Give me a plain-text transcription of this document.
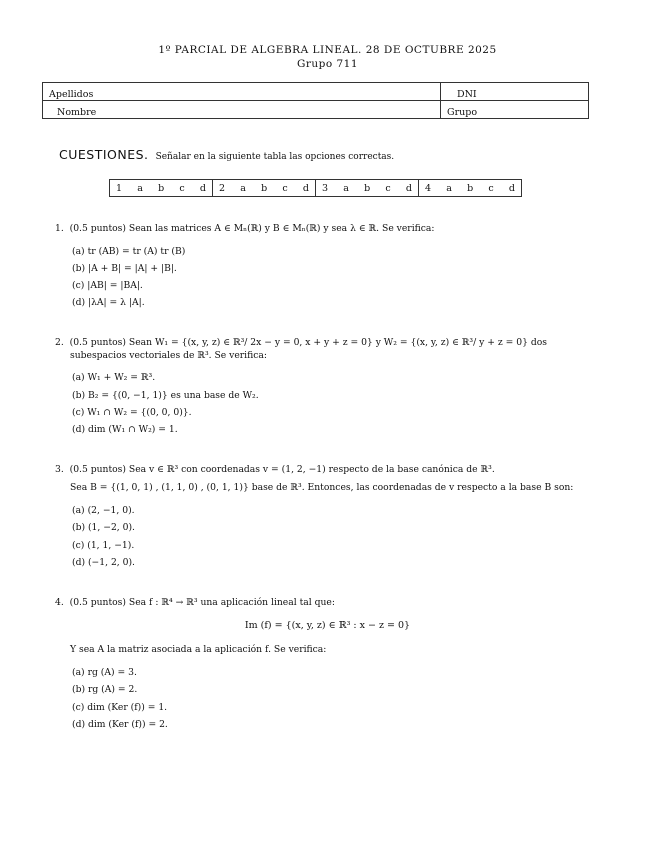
1º PARCIAL DE ALGEBRA LINEAL. 28 DE OCTUBRE 2025
Grupo 711
Apellidos	DNI
Nombre	Grupo
CUESTIONES. Señalar en la siguiente tabla las opciones correctas.
1 a b c d	2 a b c d	3 a b c d	4 a b c d
1. (0.5 puntos) Sean las matrices A ∈ Mₙ(ℝ) y B ∈ Mₙ(ℝ) y sea λ ∈ ℝ. Se verifica:
(a) tr (AB) = tr (A) tr (B)
(b) |A + B| = |A| + |B|.
(c) |AB| = |BA|.
(d) |λA| = λ |A|.
2. (0.5 puntos) Sean W₁ = {(x, y, z) ∈ ℝ³/ 2x − y = 0, x + y + z = 0} y W₂ = {(x, y, z) ∈ ℝ³/ y + z = 0} dos
subespacios vectoriales de ℝ³. Se verifica:
(a) W₁ + W₂ = ℝ³.
(b) B₂ = {(0, −1, 1)} es una base de W₂.
(c) W₁ ∩ W₂ = {(0, 0, 0)}.
(d) dim (W₁ ∩ W₂) = 1.
3. (0.5 puntos) Sea v ∈ ℝ³ con coordenadas v = (1, 2, −1) respecto de la base canónica de ℝ³.
Sea B = {(1, 0, 1) , (1, 1, 0) , (0, 1, 1)} base de ℝ³. Entonces, las coordenadas de v respecto a la base B son:
(a) (2, −1, 0).
(b) (1, −2, 0).
(c) (1, 1, −1).
(d) (−1, 2, 0).
4. (0.5 puntos) Sea f : ℝ⁴ → ℝ³ una aplicación lineal tal que:
Im (f) = {(x, y, z) ∈ ℝ³ : x − z = 0}
Y sea A la matriz asociada a la aplicación f. Se verifica:
(a) rg (A) = 3.
(b) rg (A) = 2.
(c) dim (Ker (f)) = 1.
(d) dim (Ker (f)) = 2.
